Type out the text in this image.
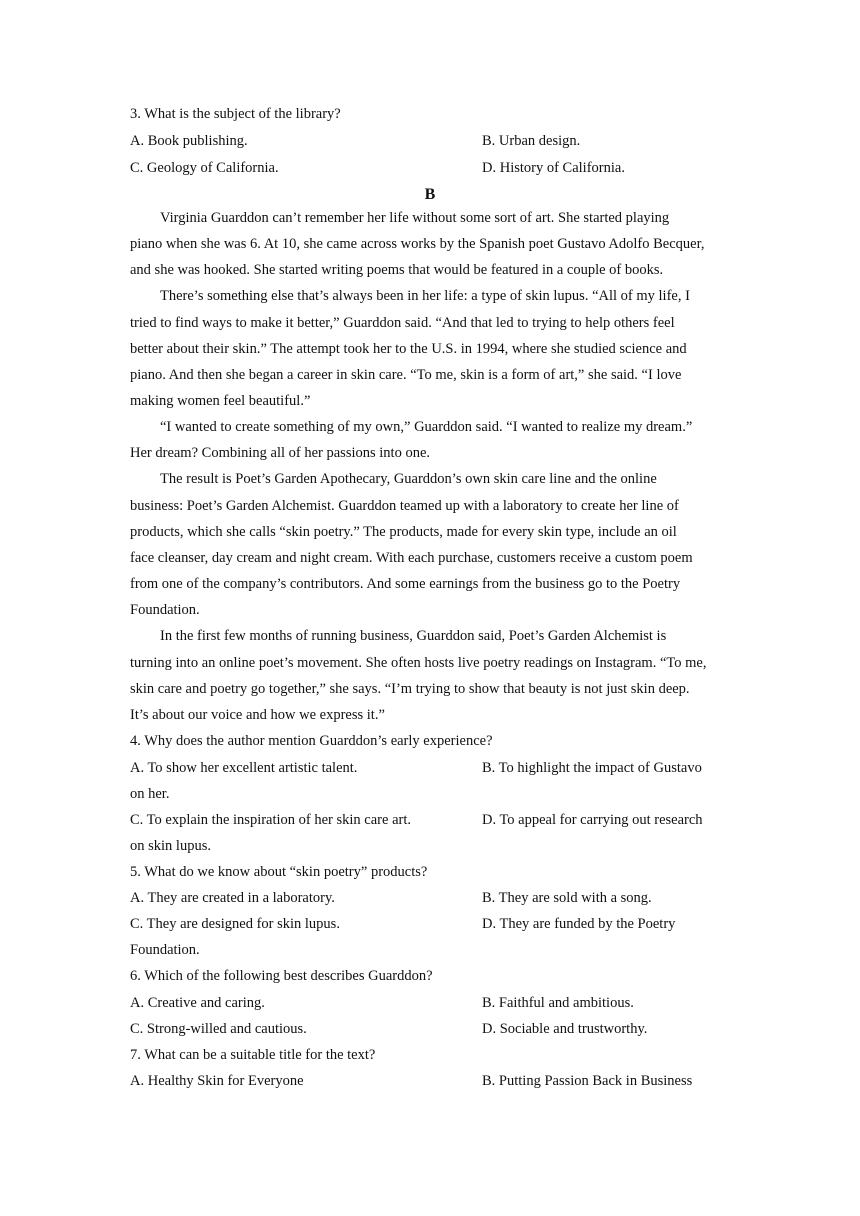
3. What is the subject of the library?
A. Book publishing.	B. Urban design.
C. Geology of California.	D. History of California.
B
Virginia Guarddon can’t remember her life without some sort of art. She started playing
piano when she was 6. At 10, she came across works by the Spanish poet Gustavo Adolfo Becquer,
and she was hooked. She started writing poems that would be featured in a couple of books.
There’s something else that’s always been in her life: a type of skin lupus. “All of my life, I
tried to find ways to make it better,” Guarddon said. “And that led to trying to help others feel
better about their skin.” The attempt took her to the U.S. in 1994, where she studied science and
piano. And then she began a career in skin care. “To me, skin is a form of art,” she said. “I love
making women feel beautiful.”
“I wanted to create something of my own,” Guarddon said. “I wanted to realize my dream.”
Her dream? Combining all of her passions into one.
The result is Poet’s Garden Apothecary, Guarddon’s own skin care line and the online
business: Poet’s Garden Alchemist. Guarddon teamed up with a laboratory to create her line of
products, which she calls “skin poetry.” The products, made for every skin type, include an oil
face cleanser, day cream and night cream. With each purchase, customers receive a custom poem
from one of the company’s contributors. And some earnings from the business go to the Poetry
Foundation.
In the first few months of running business, Guarddon said, Poet’s Garden Alchemist is
turning into an online poet’s movement. She often hosts live poetry readings on Instagram. “To me,
skin care and poetry go together,” she says. “I’m trying to show that beauty is not just skin deep.
It’s about our voice and how we express it.”
4. Why does the author mention Guarddon’s early experience?
A. To show her excellent artistic talent.	B. To highlight the impact of Gustavo
on her.
C. To explain the inspiration of her skin care art.	D. To appeal for carrying out research
on skin lupus.
5. What do we know about “skin poetry” products?
A. They are created in a laboratory.	B. They are sold with a song.
C. They are designed for skin lupus.	D. They are funded by the Poetry
Foundation.
6. Which of the following best describes Guarddon?
A. Creative and caring.	B. Faithful and ambitious.
C. Strong-willed and cautious.	D. Sociable and trustworthy.
7. What can be a suitable title for the text?
A. Healthy Skin for Everyone	B. Putting Passion Back in Business
